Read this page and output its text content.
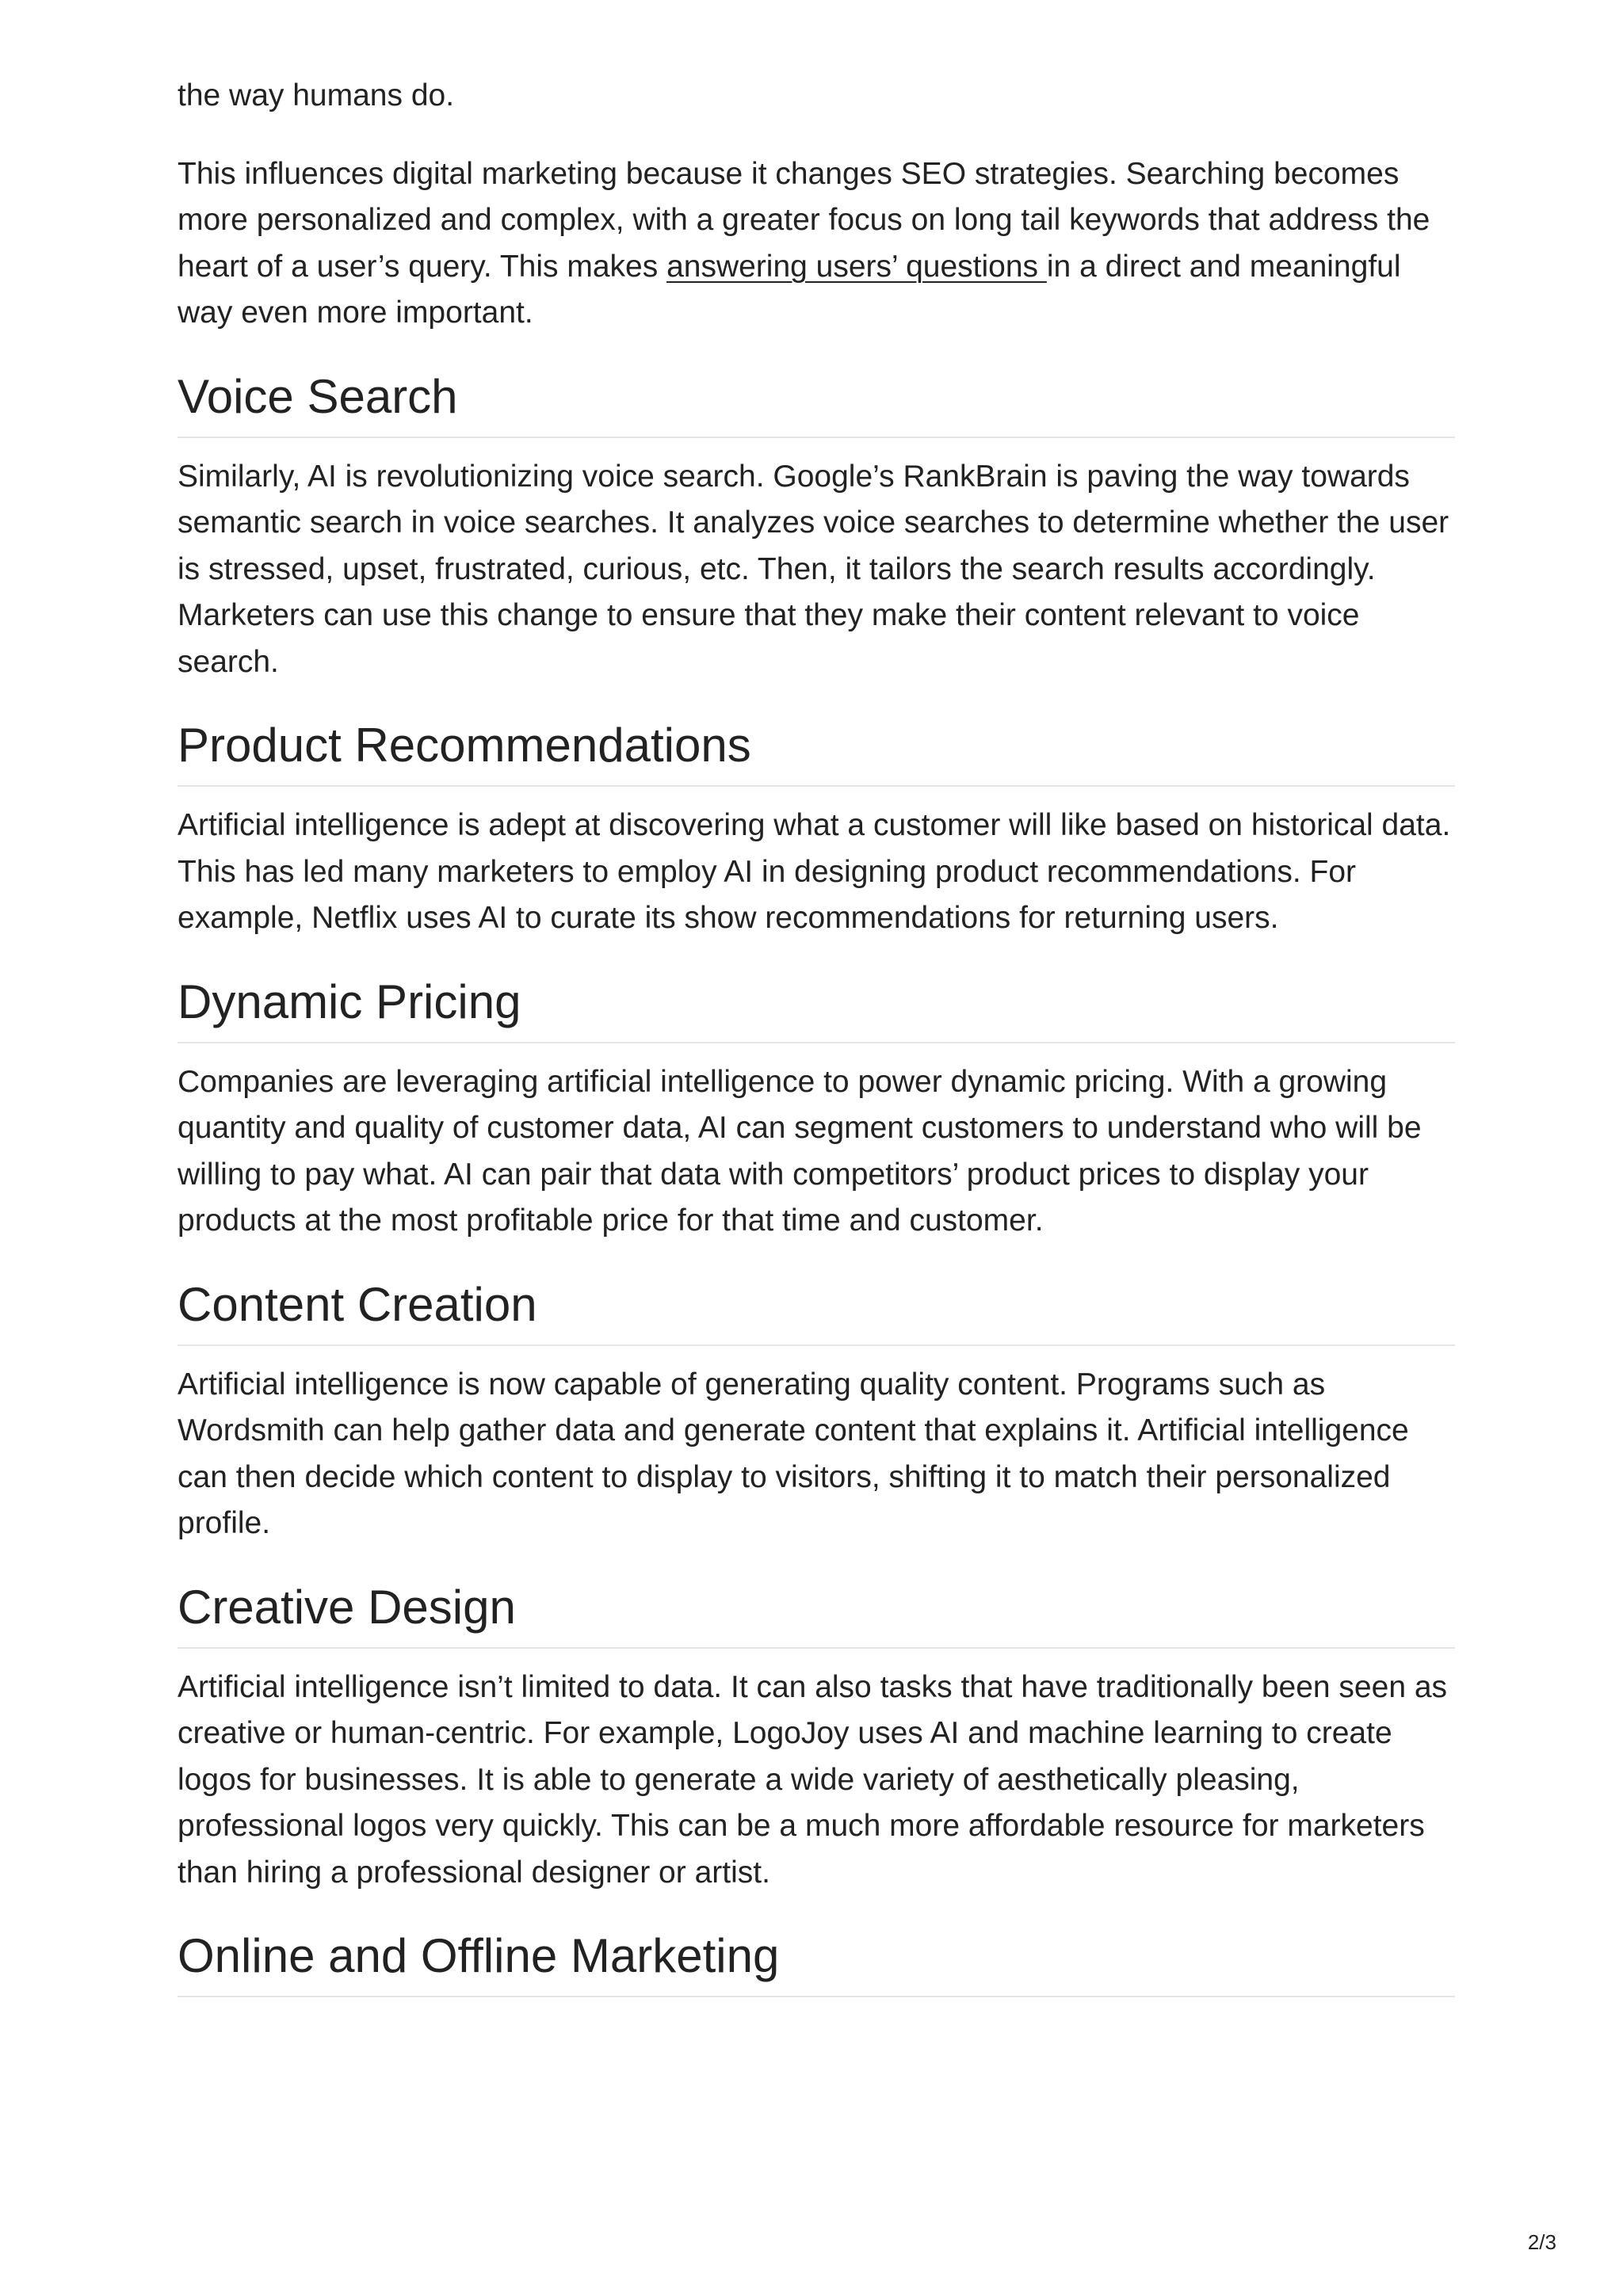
the way humans do.

This influences digital marketing because it changes SEO strategies. Searching becomes more personalized and complex, with a greater focus on long tail keywords that address the heart of a user’s query. This makes answering users’ questions in a direct and meaningful way even more important.

Voice Search

Similarly, AI is revolutionizing voice search. Google’s RankBrain is paving the way towards semantic search in voice searches. It analyzes voice searches to determine whether the user is stressed, upset, frustrated, curious, etc. Then, it tailors the search results accordingly. Marketers can use this change to ensure that they make their content relevant to voice search.

Product Recommendations

Artificial intelligence is adept at discovering what a customer will like based on historical data. This has led many marketers to employ AI in designing product recommendations. For example, Netflix uses AI to curate its show recommendations for returning users.

Dynamic Pricing

Companies are leveraging artificial intelligence to power dynamic pricing. With a growing quantity and quality of customer data, AI can segment customers to understand who will be willing to pay what. AI can pair that data with competitors’ product prices to display your products at the most profitable price for that time and customer.

Content Creation

Artificial intelligence is now capable of generating quality content. Programs such as Wordsmith can help gather data and generate content that explains it. Artificial intelligence can then decide which content to display to visitors, shifting it to match their personalized profile.

Creative Design

Artificial intelligence isn’t limited to data. It can also tasks that have traditionally been seen as creative or human-centric. For example, LogoJoy uses AI and machine learning to create logos for businesses. It is able to generate a wide variety of aesthetically pleasing, professional logos very quickly. This can be a much more affordable resource for marketers than hiring a professional designer or artist.

Online and Offline Marketing
2/3
